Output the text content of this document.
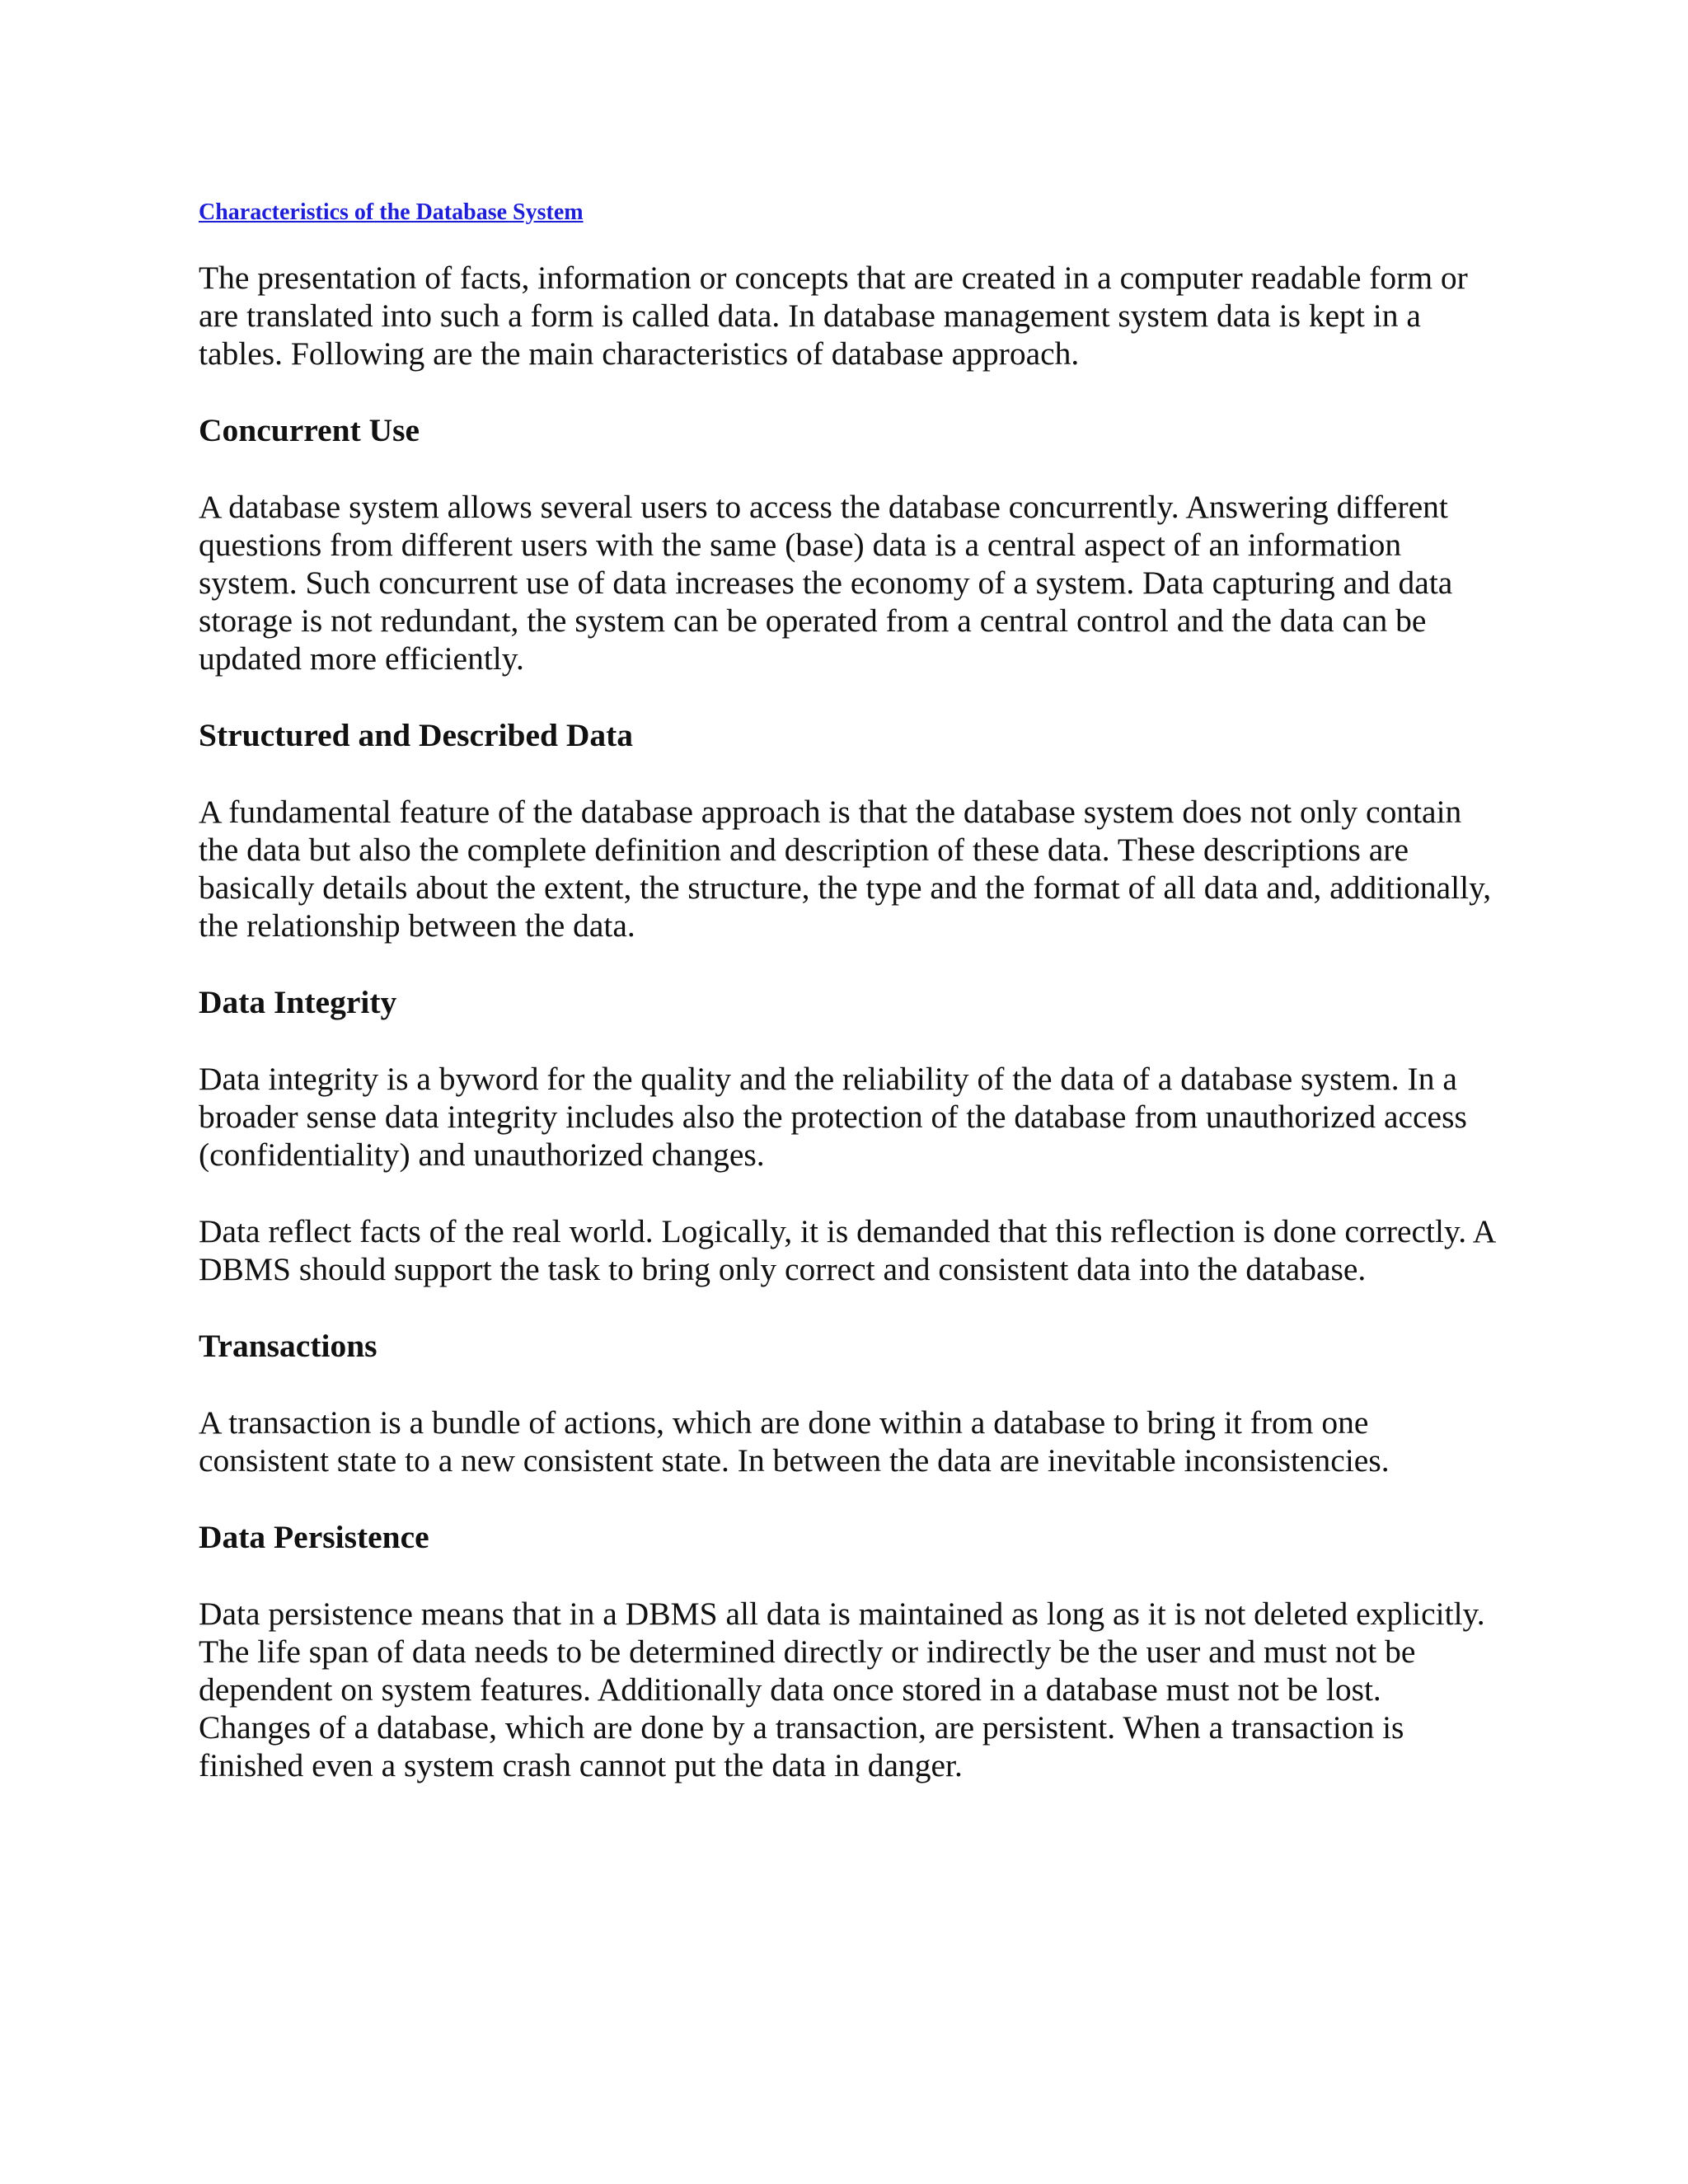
Characteristics of the Database System

The presentation of facts, information or concepts that are created in a computer readable form or are translated into such a form is called data. In database management system data is kept in a tables. Following are the main characteristics of database approach.

Concurrent Use

A database system allows several users to access the database concurrently. Answering different questions from different users with the same (base) data is a central aspect of an information system. Such concurrent use of data increases the economy of a system. Data capturing and data storage is not redundant, the system can be operated from a central control and the data can be updated more efficiently.

Structured and Described Data

A fundamental feature of the database approach is that the database system does not only contain the data but also the complete definition and description of these data. These descriptions are basically details about the extent, the structure, the type and the format of all data and, additionally, the relationship between the data.

Data Integrity

Data integrity is a byword for the quality and the reliability of the data of a database system. In a broader sense data integrity includes also the protection of the database from unauthorized access (confidentiality) and unauthorized changes.

Data reflect facts of the real world. Logically, it is demanded that this reflection is done correctly. A DBMS should support the task to bring only correct and consistent data into the database.

Transactions

A transaction is a bundle of actions, which are done within a database to bring it from one consistent state to a new consistent state. In between the data are inevitable inconsistencies.

Data Persistence

Data persistence means that in a DBMS all data is maintained as long as it is not deleted explicitly. The life span of data needs to be determined directly or indirectly be the user and must not be dependent on system features. Additionally data once stored in a database must not be lost. Changes of a database, which are done by a transaction, are persistent. When a transaction is finished even a system crash cannot put the data in danger.
